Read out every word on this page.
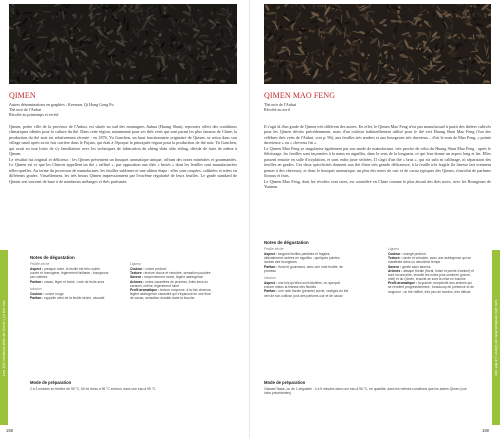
QIMEN
Autres dénominations en graphies : Keemun, Qi Hong Gong Fu
Thé noir de l'Anhui
Récolté au printemps et en été

Qimen, petite ville de la province de l'Anhui, est située au sud des montagnes Jiuhua (Huang Shan), reposoirs offert des conditions climatiques idéales pour la culture du thé. Dans cette région, notamment pour ses thés verts qui sont parmi les plus fameux de Chine, la production du thé noir est relativement récente : en 1876, Yu Ganchen, un haut fonctionnaire originaire de Qimen, se retira dans son village natal après avoir fait carrière dans le Fujian, qui était à l'époque la principale région pour la production de thé noir. Yu Ganchen, qui avait eu tout loisir de s'y familiariser avec les techniques de fabrication du zhèng shān xiǎo zhǒng, décida de faire de même à Qimen.

Le résultat fut original et délicieux : les Qimen présentent un bouquet aromatique unique, offrant des notes minérales et gourmandes. Le Qimen est ce que les Chinois appellent un thé « raffiné », par opposition aux thés « brisés » dont les feuilles sont manufacturées telles-quelles. Au terme du processus de manufacture, les feuilles sublimes et une ultime étape : elles sont coupées, calibrées et triées en différents grades. Visuellement, les très beaux Qimen impressionnent par l'extrême régularité de leurs feuilles. Le grade standard de Qimen sert souvent de base à de nombreux mélanges et thés parfumés.

Notes de dégustation
Feuille sèche
Aspect : presque noire, la feuille est très roulée, courte et homogène, légèrement brillante ; bourgeons peu visibles
Parfum : cacao, léger et boisé ; note de fruits secs
Infusion
Couleur : cuivre rouge
Parfum : rappelle celui de la feuille sèche, cacaoté
Liqueur
Couleur : cuivré profond
Texture : texture douce et veloutée, sensation poudrée
Saveur : moyennement ronde, légère astringence
Arômes : notes cacaotées de pruneau, fruits secs ou caramel, chêne, légèrement fumé
Profil aromatique : texture moyenne, à la fois charnue, légère astringence cacaotée qui s'épanouit en une final de cacao, sensation durable dans la bouche
Mode de préparation
2 à 3 minutes en théière de 95 °C, 60 ml d'eau à 95 °C environ, dans une eau à 95 °C.
158
Les 100 meilleurs thés de Chine | Le thé noir
QIMEN MAO FENG
Thé noir de l'Anhui
Récolté au avril

Il s'agit là d'un grade de Qimen très différent des autres. En effet, le Qimen Mao Feng n'est pas manufacturé à partir des théiers cultivés pour les Qimen décrits précédemment, mais d'un cultivar habituellement utilisé pour le thé vert Huang Shan Mao Feng (l'un des célèbres thés verts de l'Anhui, voir p. 96), aux feuilles très tendres et aux bourgeons très duveteux – d'où le nom de Mao Feng, « pointe duveteuse » ou « cheveux fin ».

Le Qimen Mao Feng se singularise également par son mode de manufacture, très proche de celui du Huang Shan Mao Feng : après le flétrissage, les feuilles sont façonnées à la main en aiguilles, dans le sens de la longueur, ce qui leur donne un aspect long et fin. Elles passent ensuite en salle d'oxydation, et sont enfin juste séchées. Il s'agit d'un thé « brut », qui n'a subi ni calibrage, ni séparation des feuilles en grades. Ces deux spécificités donnent aux thé d'une très grande délicatesse, à la feuille très fragile (la finesse fait vraiment penser à des cheveux), et donc le bouquet aromatique, un plus des notes de cuir et de cacao typiques des Qimen, s'enrichit de parfums floraux et frais.

Le Qimen Mao Feng, dont les récoltes sont rares, est considéré en Chine comme le plus abouti des thés noirs, avec les Bourgeons de Yunnan.

Notes de dégustation
Feuille sèche
Aspect : longues feuilles parfaites et fragiles, délicatement roulées en aiguilles ; quelques pointes dorées des bourgeons
Parfum : floral et gourmand, avec une note fruitée, de pruneau
Infusion
Aspect : une fois qu'elles sont dépliées, on aperçoit encore mieux la finesse des feuilles
Parfum : une note florale (pensée) suivie, vestiges du thé vert de son cultivar, puis des parfums cuir et de cacao
Liqueur
Couleur : orangé profond
Texture : ronde et veloutée, avec une astringence qui se manifeste dans un deuxième temps
Saveur : gentle sans tannins
Arômes : attaque florale (floral, boisé et pointe d'ambre) et sont reconnaître, ensuite les notes plus sombres (poivre, miel) et du Qimen, ensuite se sont la mise en bouche
Profil aromatique : la grande complexité des arômes qui se révèlent progressivement ; beaucoup de présence et de longueur ; un thé raffiné, très peu de tannins, très délicat
Mode de préparation
Gaiwan/Tasse, ou de 1 dégustée : 4 à 5 minutes dans une eau à 95 °C, en quantité, dans les mêmes conditions que les autres Qimen (voir infos précédentes)
159
Les 100 meilleurs thés de Chine | Le thé noir
